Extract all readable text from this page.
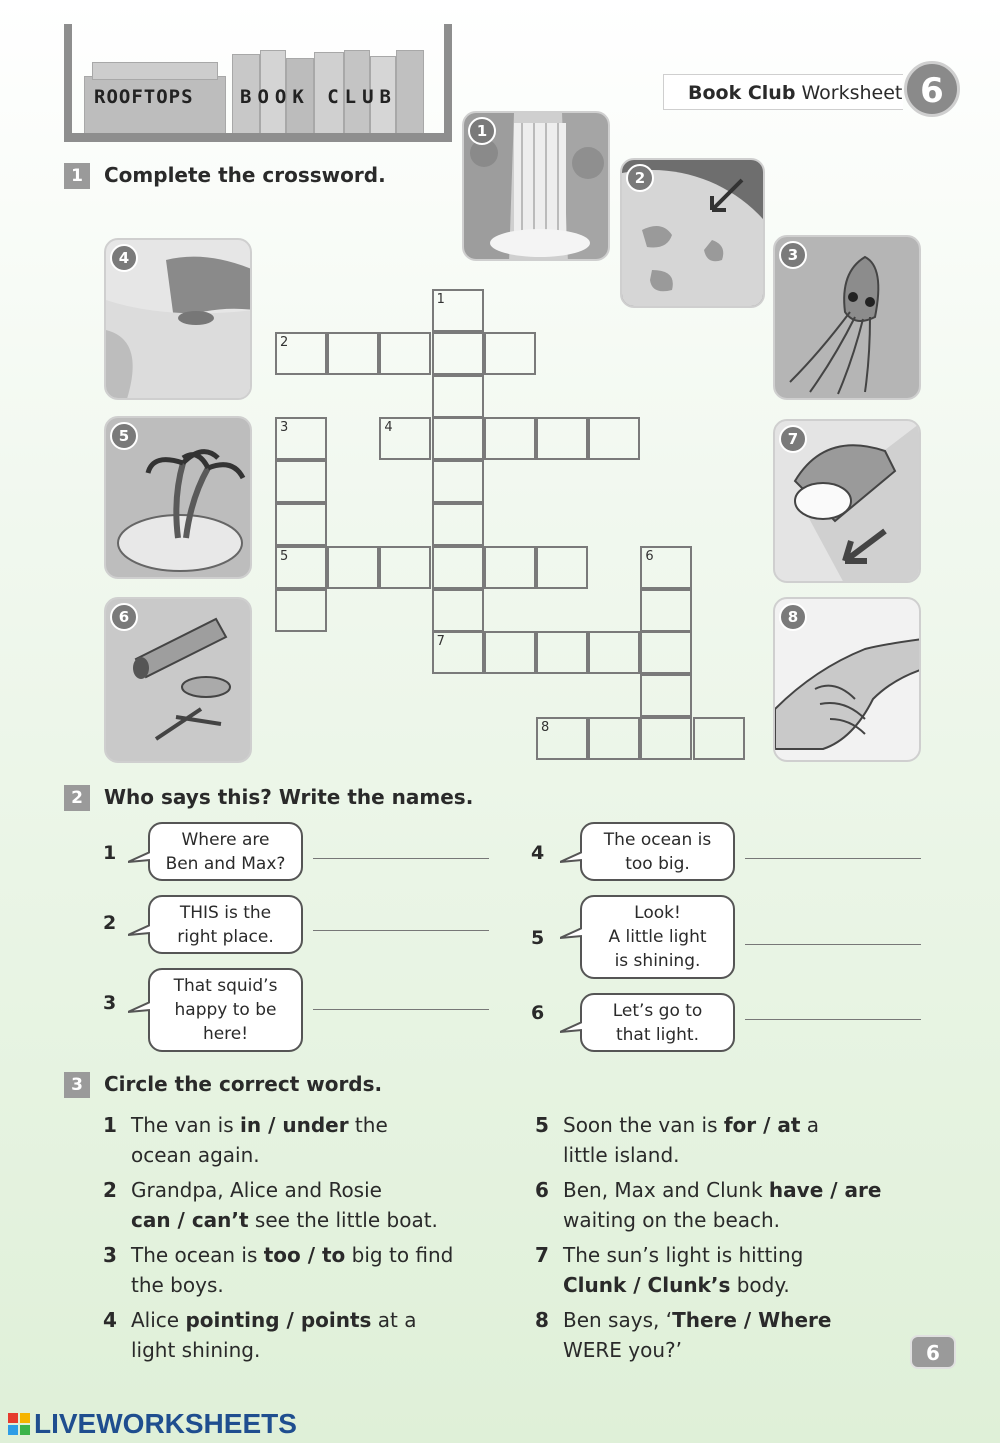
ROOFTOPS BOOK CLUB	Book Club Worksheet 6
1	Complete the crossword.
1
2
3
4
5
6
7
8
1
7
2
3
5
4
6
8
2	Who says this? Write the names.
1
Where are
Ben and Max?
2	THIS is the
right place.
3
That squid’s
happy to be
here!
4
The ocean is
too big.
5
Look!
A little light
is shining.
6	Let’s go to
that light.
3	Circle the correct words.
1 The van is in / under the
ocean again.
2 Grandpa, Alice and Rosie
can / can’t see the little boat.
3 The ocean is too / to big to find
the boys.
4 Alice pointing / points at a
light shining.
5 Soon the van is for / at a
little island.
6 Ben, Max and Clunk have / are
waiting on the beach.
7 The sun’s light is hitting
Clunk / Clunk’s body.
8 Ben says, ‘There / Where
WERE you?’	6
LIVEWORKSHEETS
